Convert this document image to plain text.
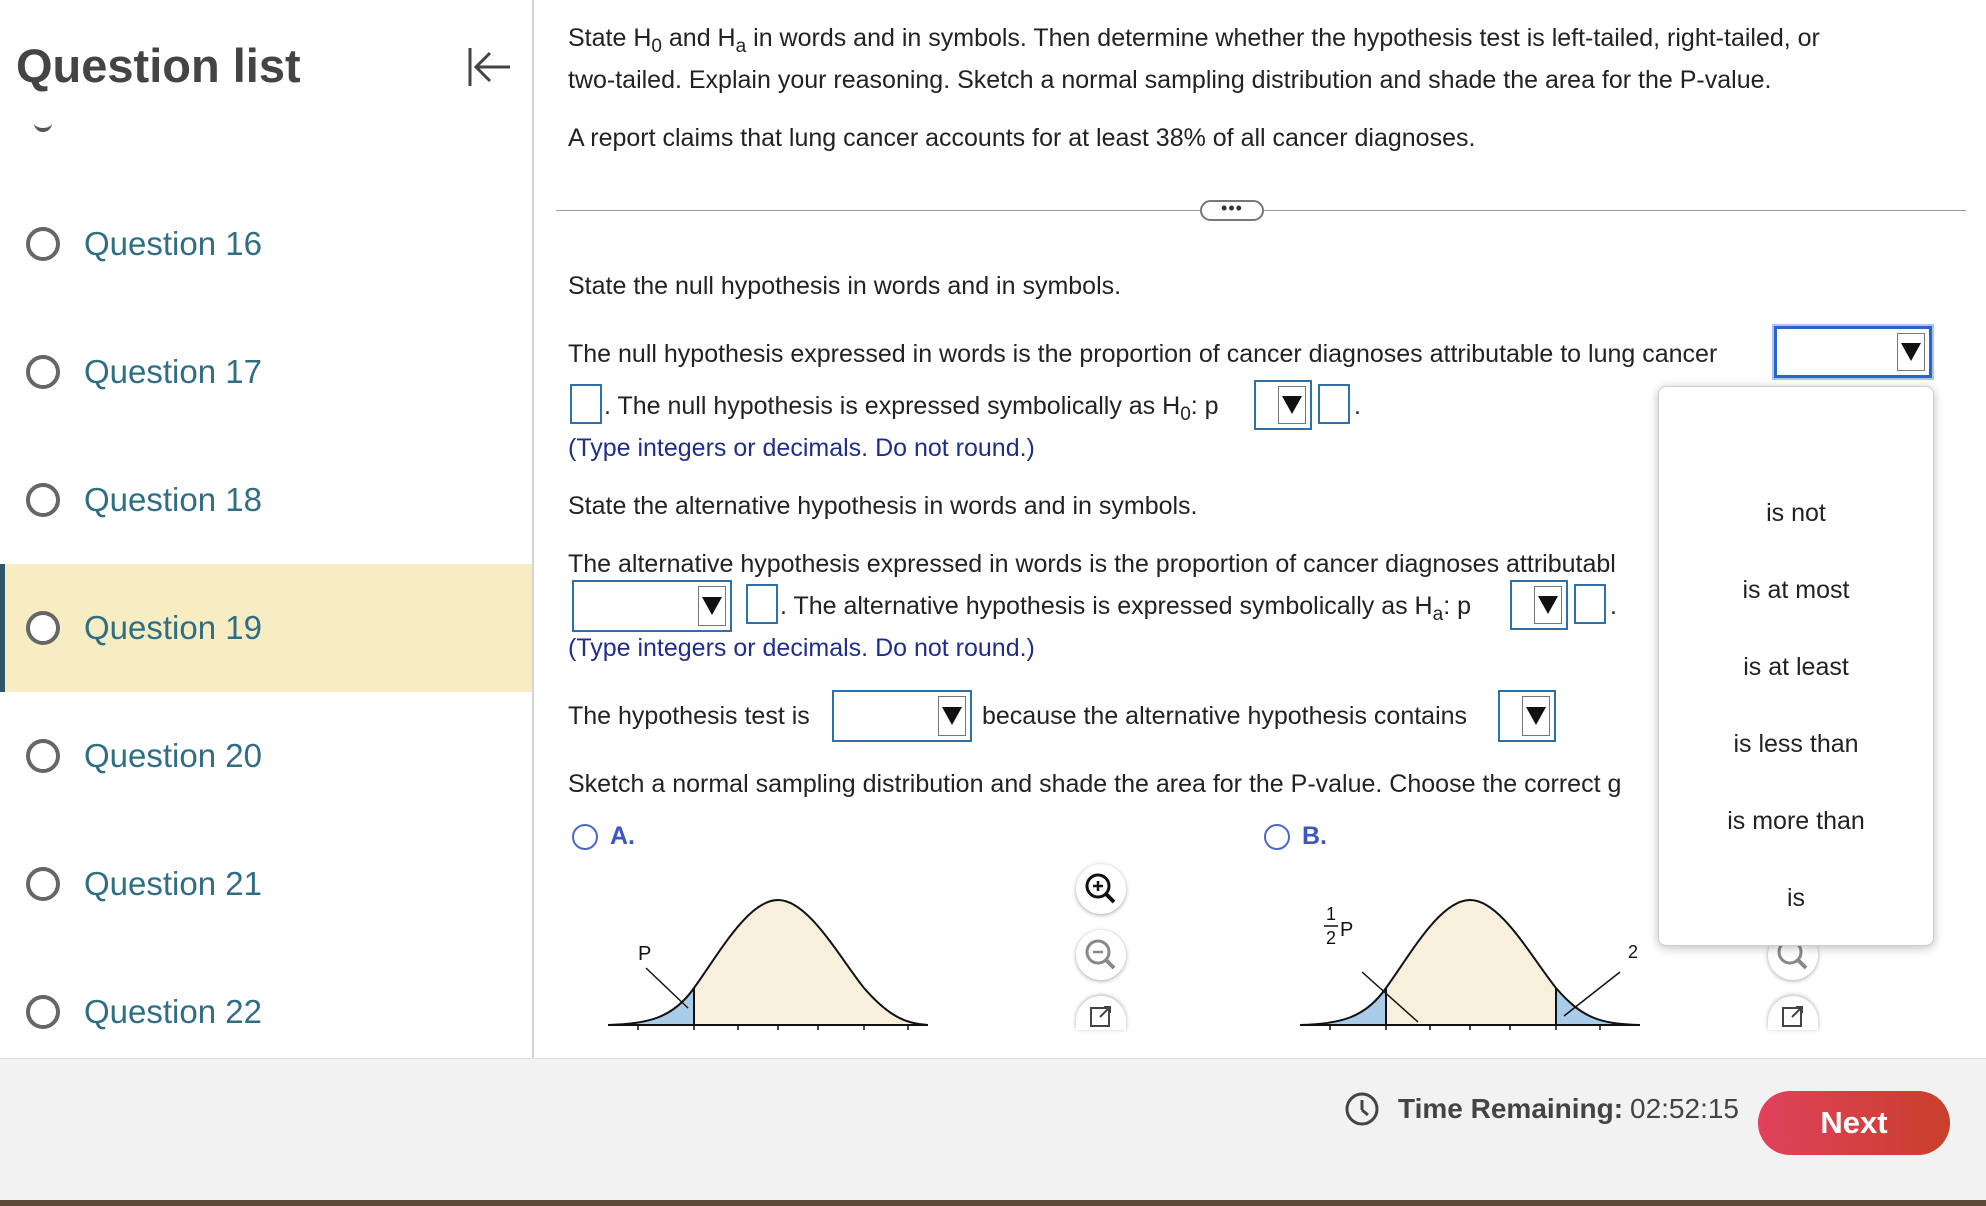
Question list
Question 16
Question 17
Question 18
Question 19
Question 20
Question 21
Question 22
State $H_0$ and $H_a$ in words and in symbols. Then determine whether the hypothesis test is left-tailed, right-tailed, or
two-tailed. Explain your reasoning. Sketch a normal sampling distribution and shade the area for the P-value.
A report claims that lung cancer accounts for at least 38% of all cancer diagnoses.
•••
State the null hypothesis in words and in symbols.
The null hypothesis expressed in words is the proportion of cancer diagnoses attributable to lung cancer
. The null hypothesis is expressed symbolically as $H_0$: p	.
(Type integers or decimals. Do not round.)
State the alternative hypothesis in words and in symbols.
The alternative hypothesis expressed in words is the proportion of cancer diagnoses attributabl
. The alternative hypothesis is expressed symbolically as $H_a$: p	.
(Type integers or decimals. Do not round.)
The hypothesis test is	because the alternative hypothesis contains
Sketch a normal sampling distribution and shade the area for the P-value. Choose the correct g
A.	B.
P
1
2 P
2
is not
is at most
is at least
is less than
is more than
is
Time Remaining: 02:52:15	Next
